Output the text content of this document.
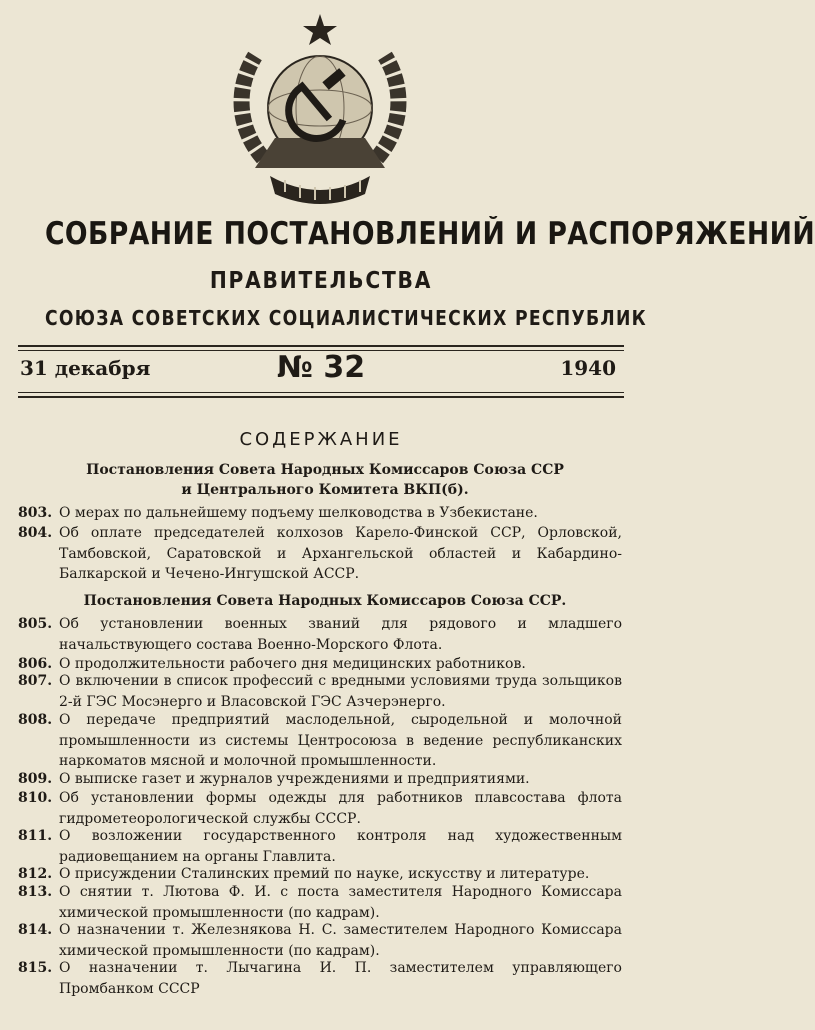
СОБРАНИЕ ПОСТАНОВЛЕНИЙ И РАСПОРЯЖЕНИЙ
ПРАВИТЕЛЬСТВА
СОЮЗА СОВЕТСКИХ СОЦИАЛИСТИЧЕСКИХ РЕСПУБЛИК
31 декабря	№ 32	1940
СОДЕРЖАНИЕ
Постановления Совета Народных Комиссаров Союза ССР
и Центрального Комитета ВКП(б).
803. О мерах по дальнейшему подъему шелководства в Узбекистане.
804. Об оплате председателей колхозов Карело-Финской ССР, Орловской, Тамбовской, Саратовской и Архангельской областей и Кабардино-Балкарской и Чечено-Ингушской АССР.
Постановления Совета Народных Комиссаров Союза ССР.
805. Об установлении военных званий для рядового и младшего начальствующего состава Военно-Морского Флота.
806. О продолжительности рабочего дня медицинских работников.
807. О включении в список профессий с вредными условиями труда зольщиков 2-й ГЭС Мосэнерго и Власовской ГЭС Азчерэнерго.
808. О передаче предприятий маслодельной, сыродельной и молочной промышленности из системы Центросоюза в ведение республиканских наркоматов мясной и молочной промышленности.
809. О выписке газет и журналов учреждениями и предприятиями.
810. Об установлении формы одежды для работников плавсостава флота гидрометеорологической службы СССР.
811. О возложении государственного контроля над художественным радиовещанием на органы Главлита.
812. О присуждении Сталинских премий по науке, искусству и литературе.
813. О снятии т. Лютова Ф. И. с поста заместителя Народного Комиссара химической промышленности (по кадрам).
814. О назначении т. Железнякова Н. С. заместителем Народного Комиссара химической промышленности (по кадрам).
815. О назначении т. Лычагина И. П. заместителем управляющего Промбанком СССР
